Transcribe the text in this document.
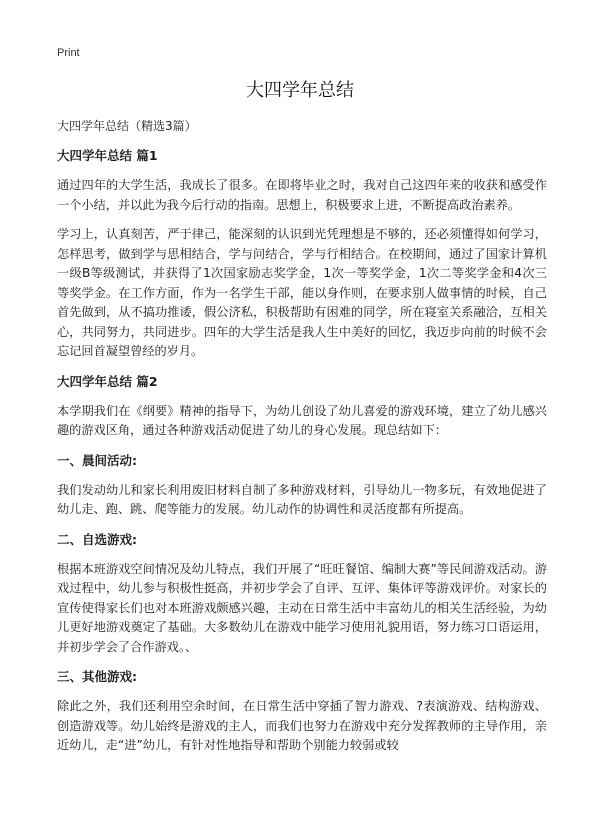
Print
大四学年总结
大四学年总结（精选3篇）
大四学年总结 篇1

通过四年的大学生活，我成长了很多。在即将毕业之时，我对自己这四年来的收获和感受作一个小结，并以此为我今后行动的指南。思想上，积极要求上进，不断提高政治素养。

学习上，认真刻苦，严于律己，能深刻的认识到光凭理想是不够的，还必须懂得如何学习，怎样思考，做到学与思相结合，学与问结合，学与行相结合。在校期间，通过了国家计算机一级B等级测试，并获得了1次国家励志奖学金，1次一等奖学金，1次二等奖学金和4次三等奖学金。在工作方面，作为一名学生干部，能以身作则，在要求别人做事情的时候，自己首先做到，从不搞功推诿，假公济私，积极帮助有困难的同学，所在寝室关系融洽，互相关心，共同努力，共同进步。四年的大学生活是我人生中美好的回忆，我迈步向前的时候不会忘记回首凝望曾经的岁月。

大四学年总结 篇2

本学期我们在《纲要》精神的指导下，为幼儿创设了幼儿喜爱的游戏环境，建立了幼儿感兴趣的游戏区角，通过各种游戏活动促进了幼儿的身心发展。现总结如下：

一、晨间活动:

我们发动幼儿和家长利用废旧材料自制了多种游戏材料，引导幼儿一物多玩，有效地促进了幼儿走、跑、跳、爬等能力的发展。幼儿动作的协调性和灵活度都有所提高。

二、自选游戏:

根据本班游戏空间情况及幼儿特点，我们开展了“旺旺餐馆、编制大赛”等民间游戏活动。游戏过程中，幼儿参与积极性挺高，并初步学会了自评、互评、集体评等游戏评价。对家长的宣传使得家长们也对本班游戏颇感兴趣，主动在日常生活中丰富幼儿的相关生活经验，为幼儿更好地游戏奠定了基础。大多数幼儿在游戏中能学习使用礼貌用语，努力练习口语运用，并初步学会了合作游戏。、

三、其他游戏:

除此之外，我们还利用空余时间，在日常生活中穿插了智力游戏、?表演游戏、结构游戏、创造游戏等。幼儿始终是游戏的主人，而我们也努力在游戏中充分发挥教师的主导作用，亲近幼儿，走“进”幼儿，有针对性地指导和帮助个别能力较弱或较
